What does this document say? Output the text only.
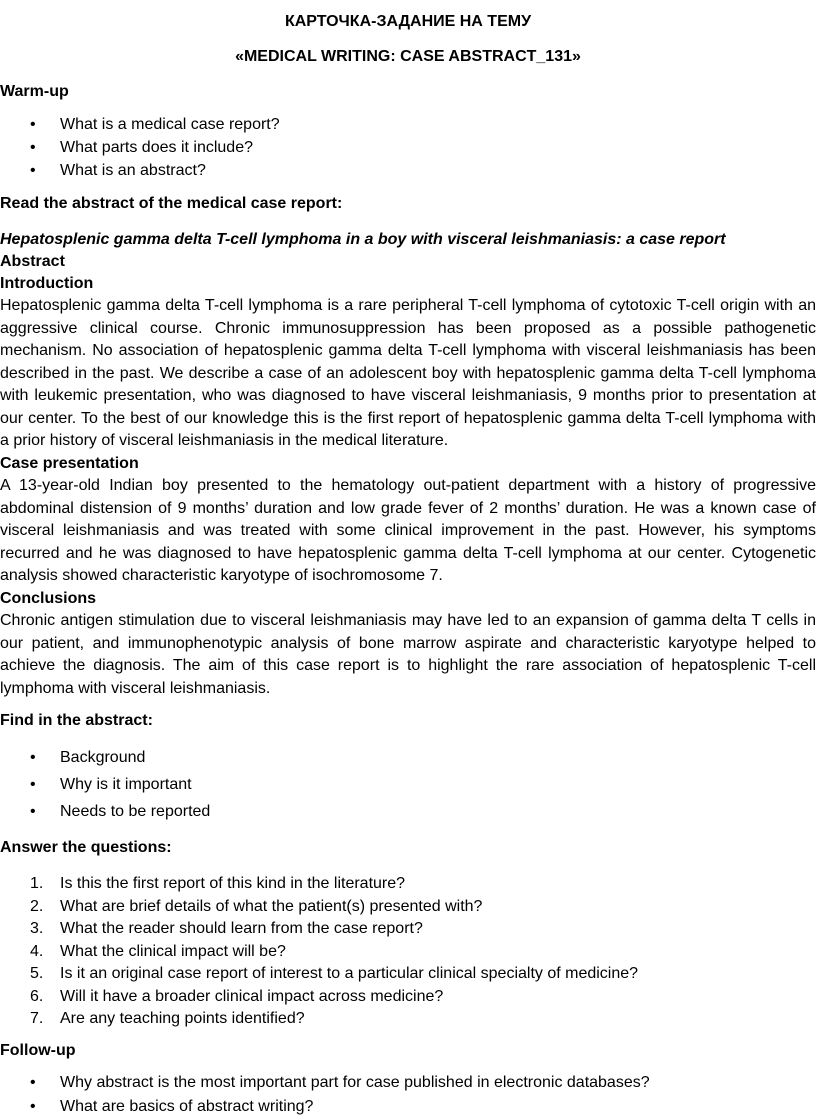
КАРТОЧКА-ЗАДАНИЕ НА ТЕМУ
«MEDICAL WRITING: CASE ABSTRACT_131»
Warm-up
• What is a medical case report?
• What parts does it include?
• What is an abstract?
Read the abstract of the medical case report:
Hepatosplenic gamma delta T-cell lymphoma in a boy with visceral leishmaniasis: a case report
Abstract
Introduction
Hepatosplenic gamma delta T-cell lymphoma is a rare peripheral T-cell lymphoma of cytotoxic T-cell origin with an aggressive clinical course. Chronic immunosuppression has been proposed as a possible pathogenetic mechanism. No association of hepatosplenic gamma delta T-cell lymphoma with visceral leishmaniasis has been described in the past. We describe a case of an adolescent boy with hepatosplenic gamma delta T-cell lymphoma with leukemic presentation, who was diagnosed to have visceral leishmaniasis, 9 months prior to presentation at our center. To the best of our knowledge this is the first report of hepatosplenic gamma delta T-cell lymphoma with a prior history of visceral leishmaniasis in the medical literature.
Case presentation
A 13-year-old Indian boy presented to the hematology out-patient department with a history of progressive abdominal distension of 9 months’ duration and low grade fever of 2 months’ duration. He was a known case of visceral leishmaniasis and was treated with some clinical improvement in the past. However, his symptoms recurred and he was diagnosed to have hepatosplenic gamma delta T-cell lymphoma at our center. Cytogenetic analysis showed characteristic karyotype of isochromosome 7.
Conclusions
Chronic antigen stimulation due to visceral leishmaniasis may have led to an expansion of gamma delta T cells in our patient, and immunophenotypic analysis of bone marrow aspirate and characteristic karyotype helped to achieve the diagnosis. The aim of this case report is to highlight the rare association of hepatosplenic T-cell lymphoma with visceral leishmaniasis.
Find in the abstract:
• Background
• Why is it important
• Needs to be reported
Answer the questions:
1. Is this the first report of this kind in the literature?
2. What are brief details of what the patient(s) presented with?
3. What the reader should learn from the case report?
4. What the clinical impact will be?
5. Is it an original case report of interest to a particular clinical specialty of medicine?
6. Will it have a broader clinical impact across medicine?
7. Are any teaching points identified?
Follow-up
• Why abstract is the most important part for case published in electronic databases?
• What are basics of abstract writing?
